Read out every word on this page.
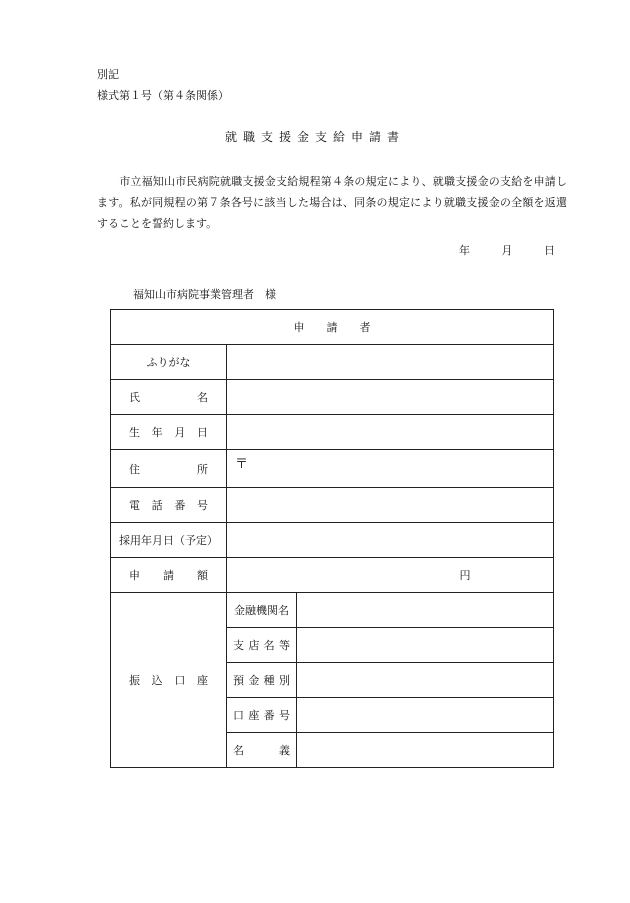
別記
様式第１号（第４条関係）
就職支援金支給申請書
市立福知山市民病院就職支援金支給規程第４条の規定により、就職支援金の支給を申請します。私が同規程の第７条各号に該当した場合は、同条の規定により就職支援金の全額を返還することを誓約します。
年	月	日
福知山市病院事業管理者　様
申　　請　　者		
ふりがな		

氏 名		

生 年 月 日		

住 所	〒	

電 話 番 号		

採用年月日（予定）		

申 請 額	円	

振 込 口 座	金融機関名	

	支 店 名 等	

	預 金 種 別	

	口 座 番 号	

	名 義	
